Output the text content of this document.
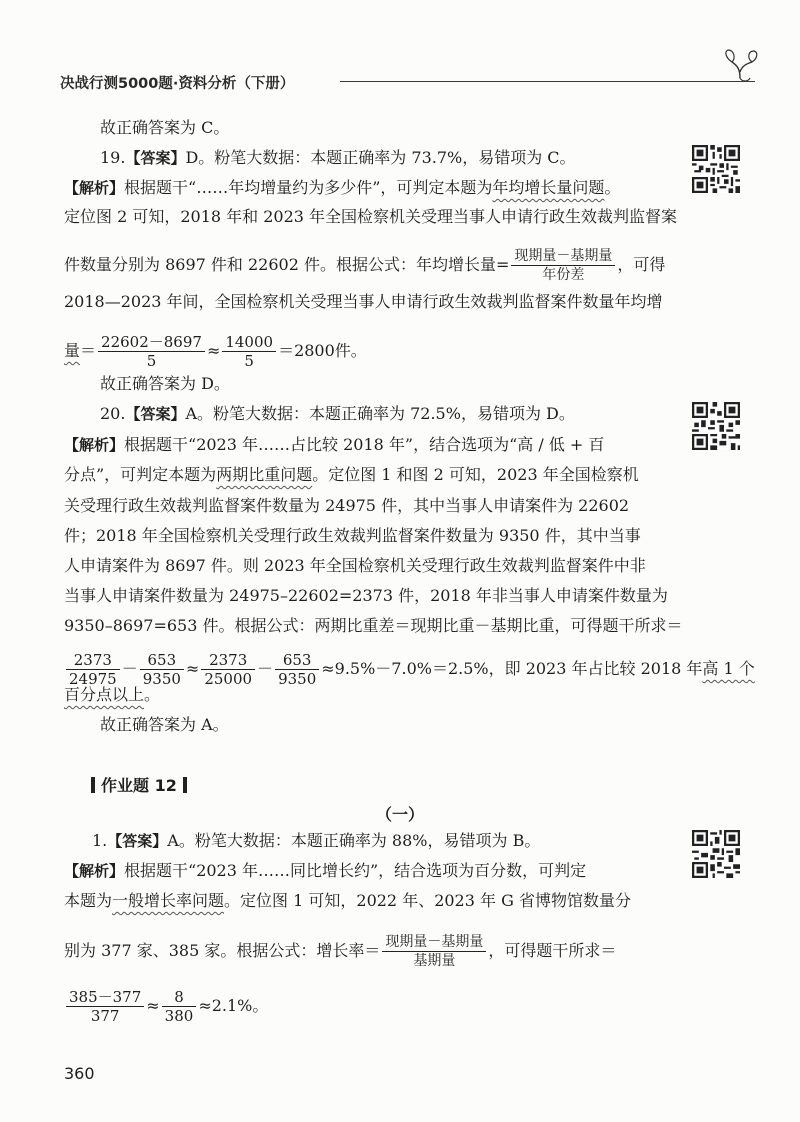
决战行测5000题·资料分析（下册）
故正确答案为 C。
19.【答案】D。粉笔大数据：本题正确率为 73.7%，易错项为 C。
【解析】根据题干“……年均增量约为多少件”，可判定本题为年均增长量问题。
定位图 2 可知，2018 年和 2023 年全国检察机关受理当事人申请行政生效裁判监督案
件数量分别为 8697 件和 22602 件。根据公式：年均增长量= $\frac{\text{现期量－基期量}}{\text{年份差}}$ ，可得
2018—2023 年间，全国检察机关受理当事人申请行政生效裁判监督案件数量年均增
量＝ $\frac{22602-8697}{5} \approx \frac{14000}{5} =2800$件。
故正确答案为 D。
20.【答案】A。粉笔大数据：本题正确率为 72.5%，易错项为 D。
【解析】根据题干“2023 年……占比较 2018 年”，结合选项为“高 / 低 + 百
分点”，可判定本题为两期比重问题。定位图 1 和图 2 可知，2023 年全国检察机
关受理行政生效裁判监督案件数量为 24975 件，其中当事人申请案件为 22602
件；2018 年全国检察机关受理行政生效裁判监督案件数量为 9350 件，其中当事
人申请案件为 8697 件。则 2023 年全国检察机关受理行政生效裁判监督案件中非
当事人申请案件数量为 24975–22602=2373 件，2018 年非当事人申请案件数量为
9350–8697=653 件。根据公式：两期比重差＝现期比重－基期比重，可得题干所求＝
$\frac{2373}{24975} - \frac{653}{9350} \approx \frac{2373}{25000} - \frac{653}{9350} \approx 9.5\%-7.0\%=2.5\%$，即 2023 年占比较 2018 年高 1 个
百分点以上。
故正确答案为 A。
作业题 12
（一）
1.【答案】A。粉笔大数据：本题正确率为 88%，易错项为 B。
【解析】根据题干“2023 年……同比增长约”，结合选项为百分数，可判定
本题为一般增长率问题。定位图 1 可知，2022 年、2023 年 G 省博物馆数量分
别为 377 家、385 家。根据公式：增长率＝ $\frac{\text{现期量－基期量}}{\text{基期量}}$ ，可得题干所求＝
$\frac{385-377}{377} \approx \frac{8}{380} \approx 2.1\%$。
360
